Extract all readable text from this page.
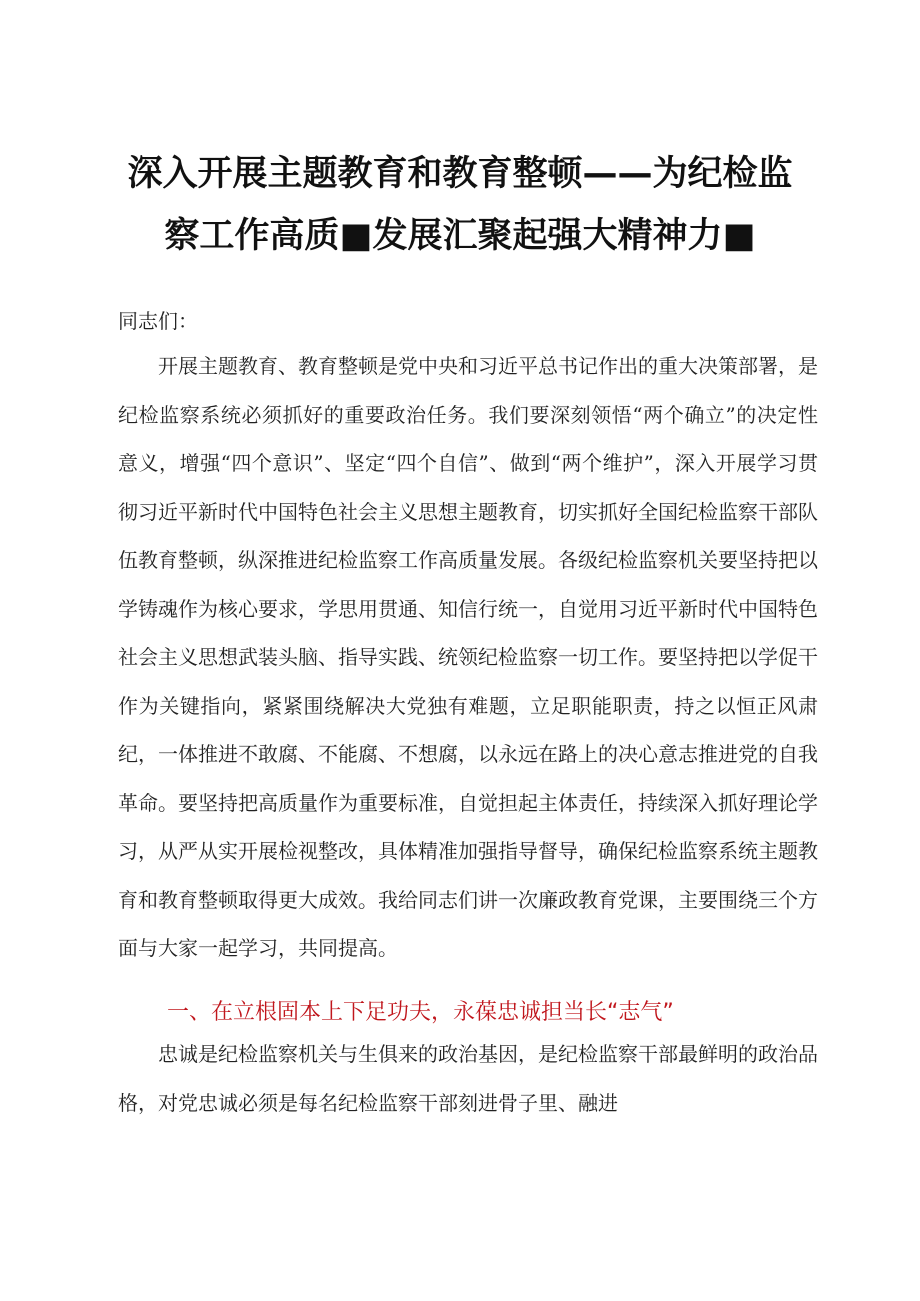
深入开展主题教育和教育整顿——为纪检监
察工作高质■发展汇聚起强大精神力■
同志们：

开展主题教育、教育整顿是党中央和习近平总书记作出的重大决策部署，是纪检监察系统必须抓好的重要政治任务。我们要深刻领悟“两个确立”的决定性意义，增强“四个意识”、坚定“四个自信”、做到“两个维护”，深入开展学习贯彻习近平新时代中国特色社会主义思想主题教育，切实抓好全国纪检监察干部队伍教育整顿，纵深推进纪检监察工作高质量发展。各级纪检监察机关要坚持把以学铸魂作为核心要求，学思用贯通、知信行统一，自觉用习近平新时代中国特色社会主义思想武装头脑、指导实践、统领纪检监察一切工作。要坚持把以学促干作为关键指向，紧紧围绕解决大党独有难题，立足职能职责，持之以恒正风肃纪，一体推进不敢腐、不能腐、不想腐，以永远在路上的决心意志推进党的自我革命。要坚持把高质量作为重要标准，自觉担起主体责任，持续深入抓好理论学习，从严从实开展检视整改，具体精准加强指导督导，确保纪检监察系统主题教育和教育整顿取得更大成效。我给同志们讲一次廉政教育党课，主要围绕三个方面与大家一起学习，共同提高。

一、在立根固本上下足功夫，永葆忠诚担当长“志气”

忠诚是纪检监察机关与生俱来的政治基因，是纪检监察干部最鲜明的政治品格，对党忠诚必须是每名纪检监察干部刻进骨子里、融进
